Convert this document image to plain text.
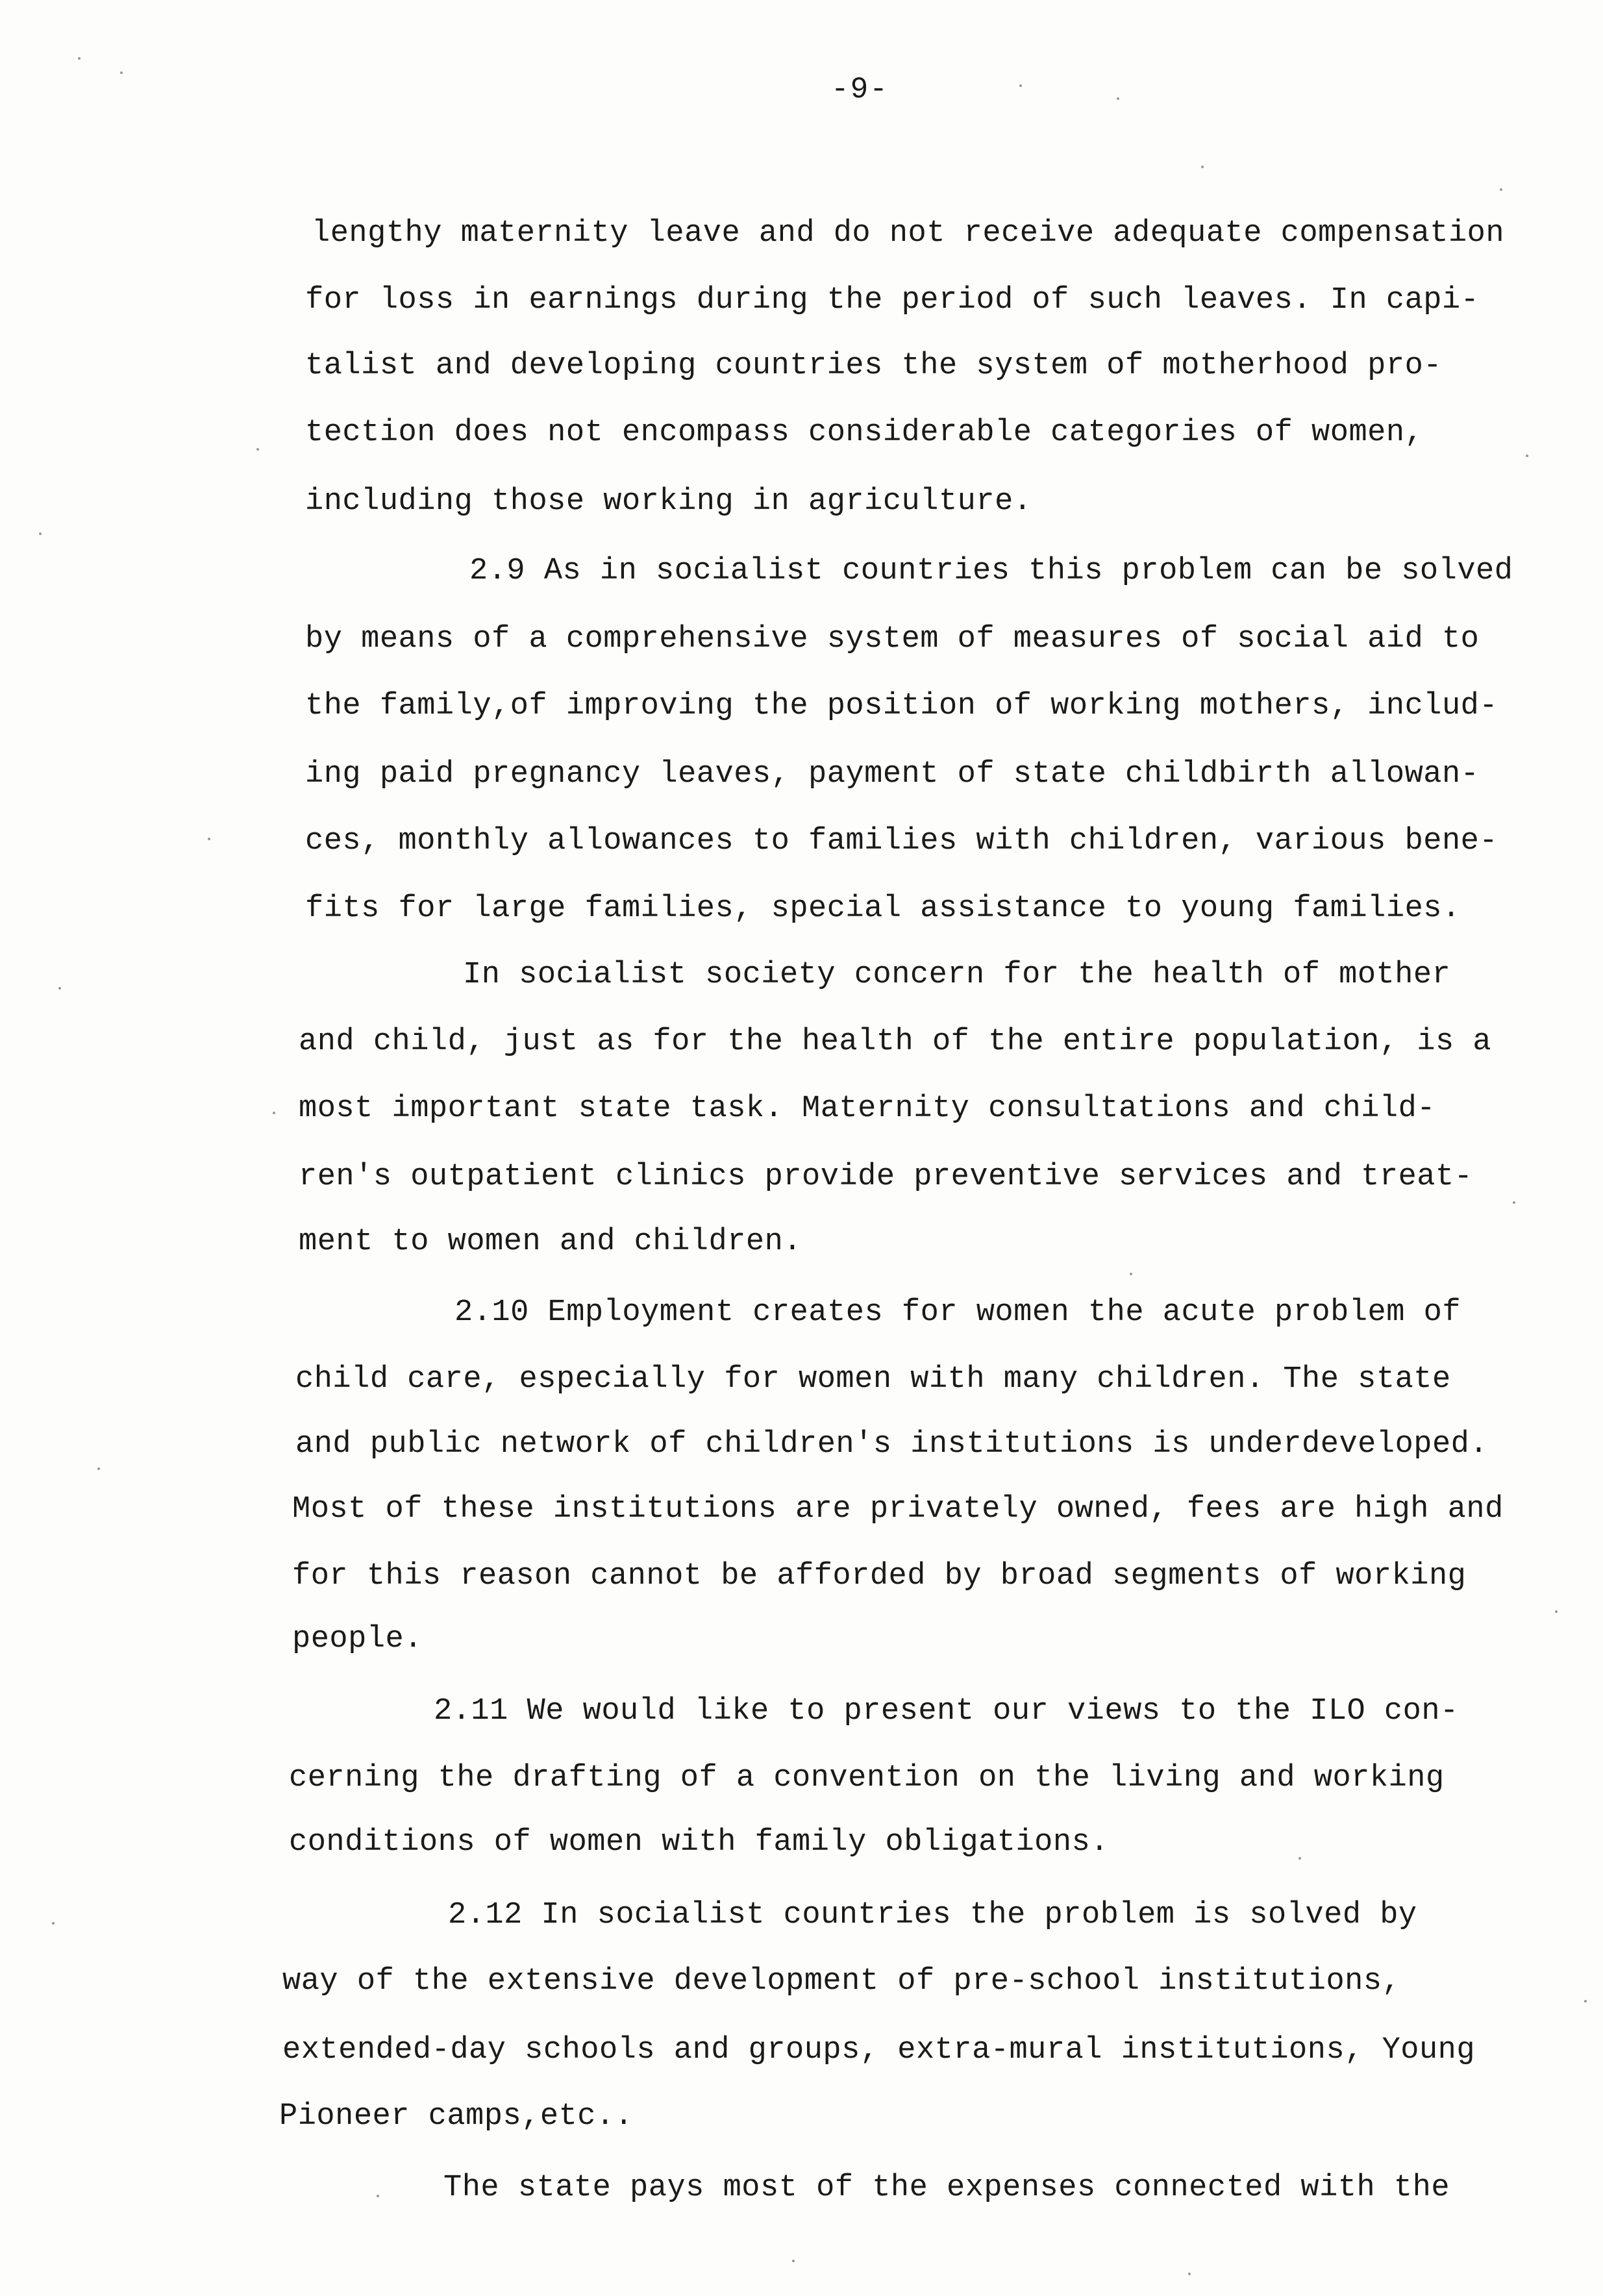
-9-
lengthy maternity leave and do not receive adequate compensation
for loss in earnings during the period of such leaves. In capi-
talist and developing countries the system of motherhood pro-
tection does not encompass considerable categories of women,
including those working in agriculture.
2.9 As in socialist countries this problem can be solved
by means of a comprehensive system of measures of social aid to
the family,of improving the position of working mothers, includ-
ing paid pregnancy leaves, payment of state childbirth allowan-
ces, monthly allowances to families with children, various bene-
fits for large families, special assistance to young families.
In socialist society concern for the health of mother
and child, just as for the health of the entire population, is a
most important state task. Maternity consultations and child-
ren's outpatient clinics provide preventive services and treat-
ment to women and children.
2.10 Employment creates for women the acute problem of
child care, especially for women with many children. The state
and public network of children's institutions is underdeveloped.
Most of these institutions are privately owned, fees are high and
for this reason cannot be afforded by broad segments of working
people.
2.11 We would like to present our views to the ILO con-
cerning the drafting of a convention on the living and working
conditions of women with family obligations.
2.12 In socialist countries the problem is solved by
way of the extensive development of pre-school institutions,
extended-day schools and groups, extra-mural institutions, Young
Pioneer camps,etc..
The state pays most of the expenses connected with the
